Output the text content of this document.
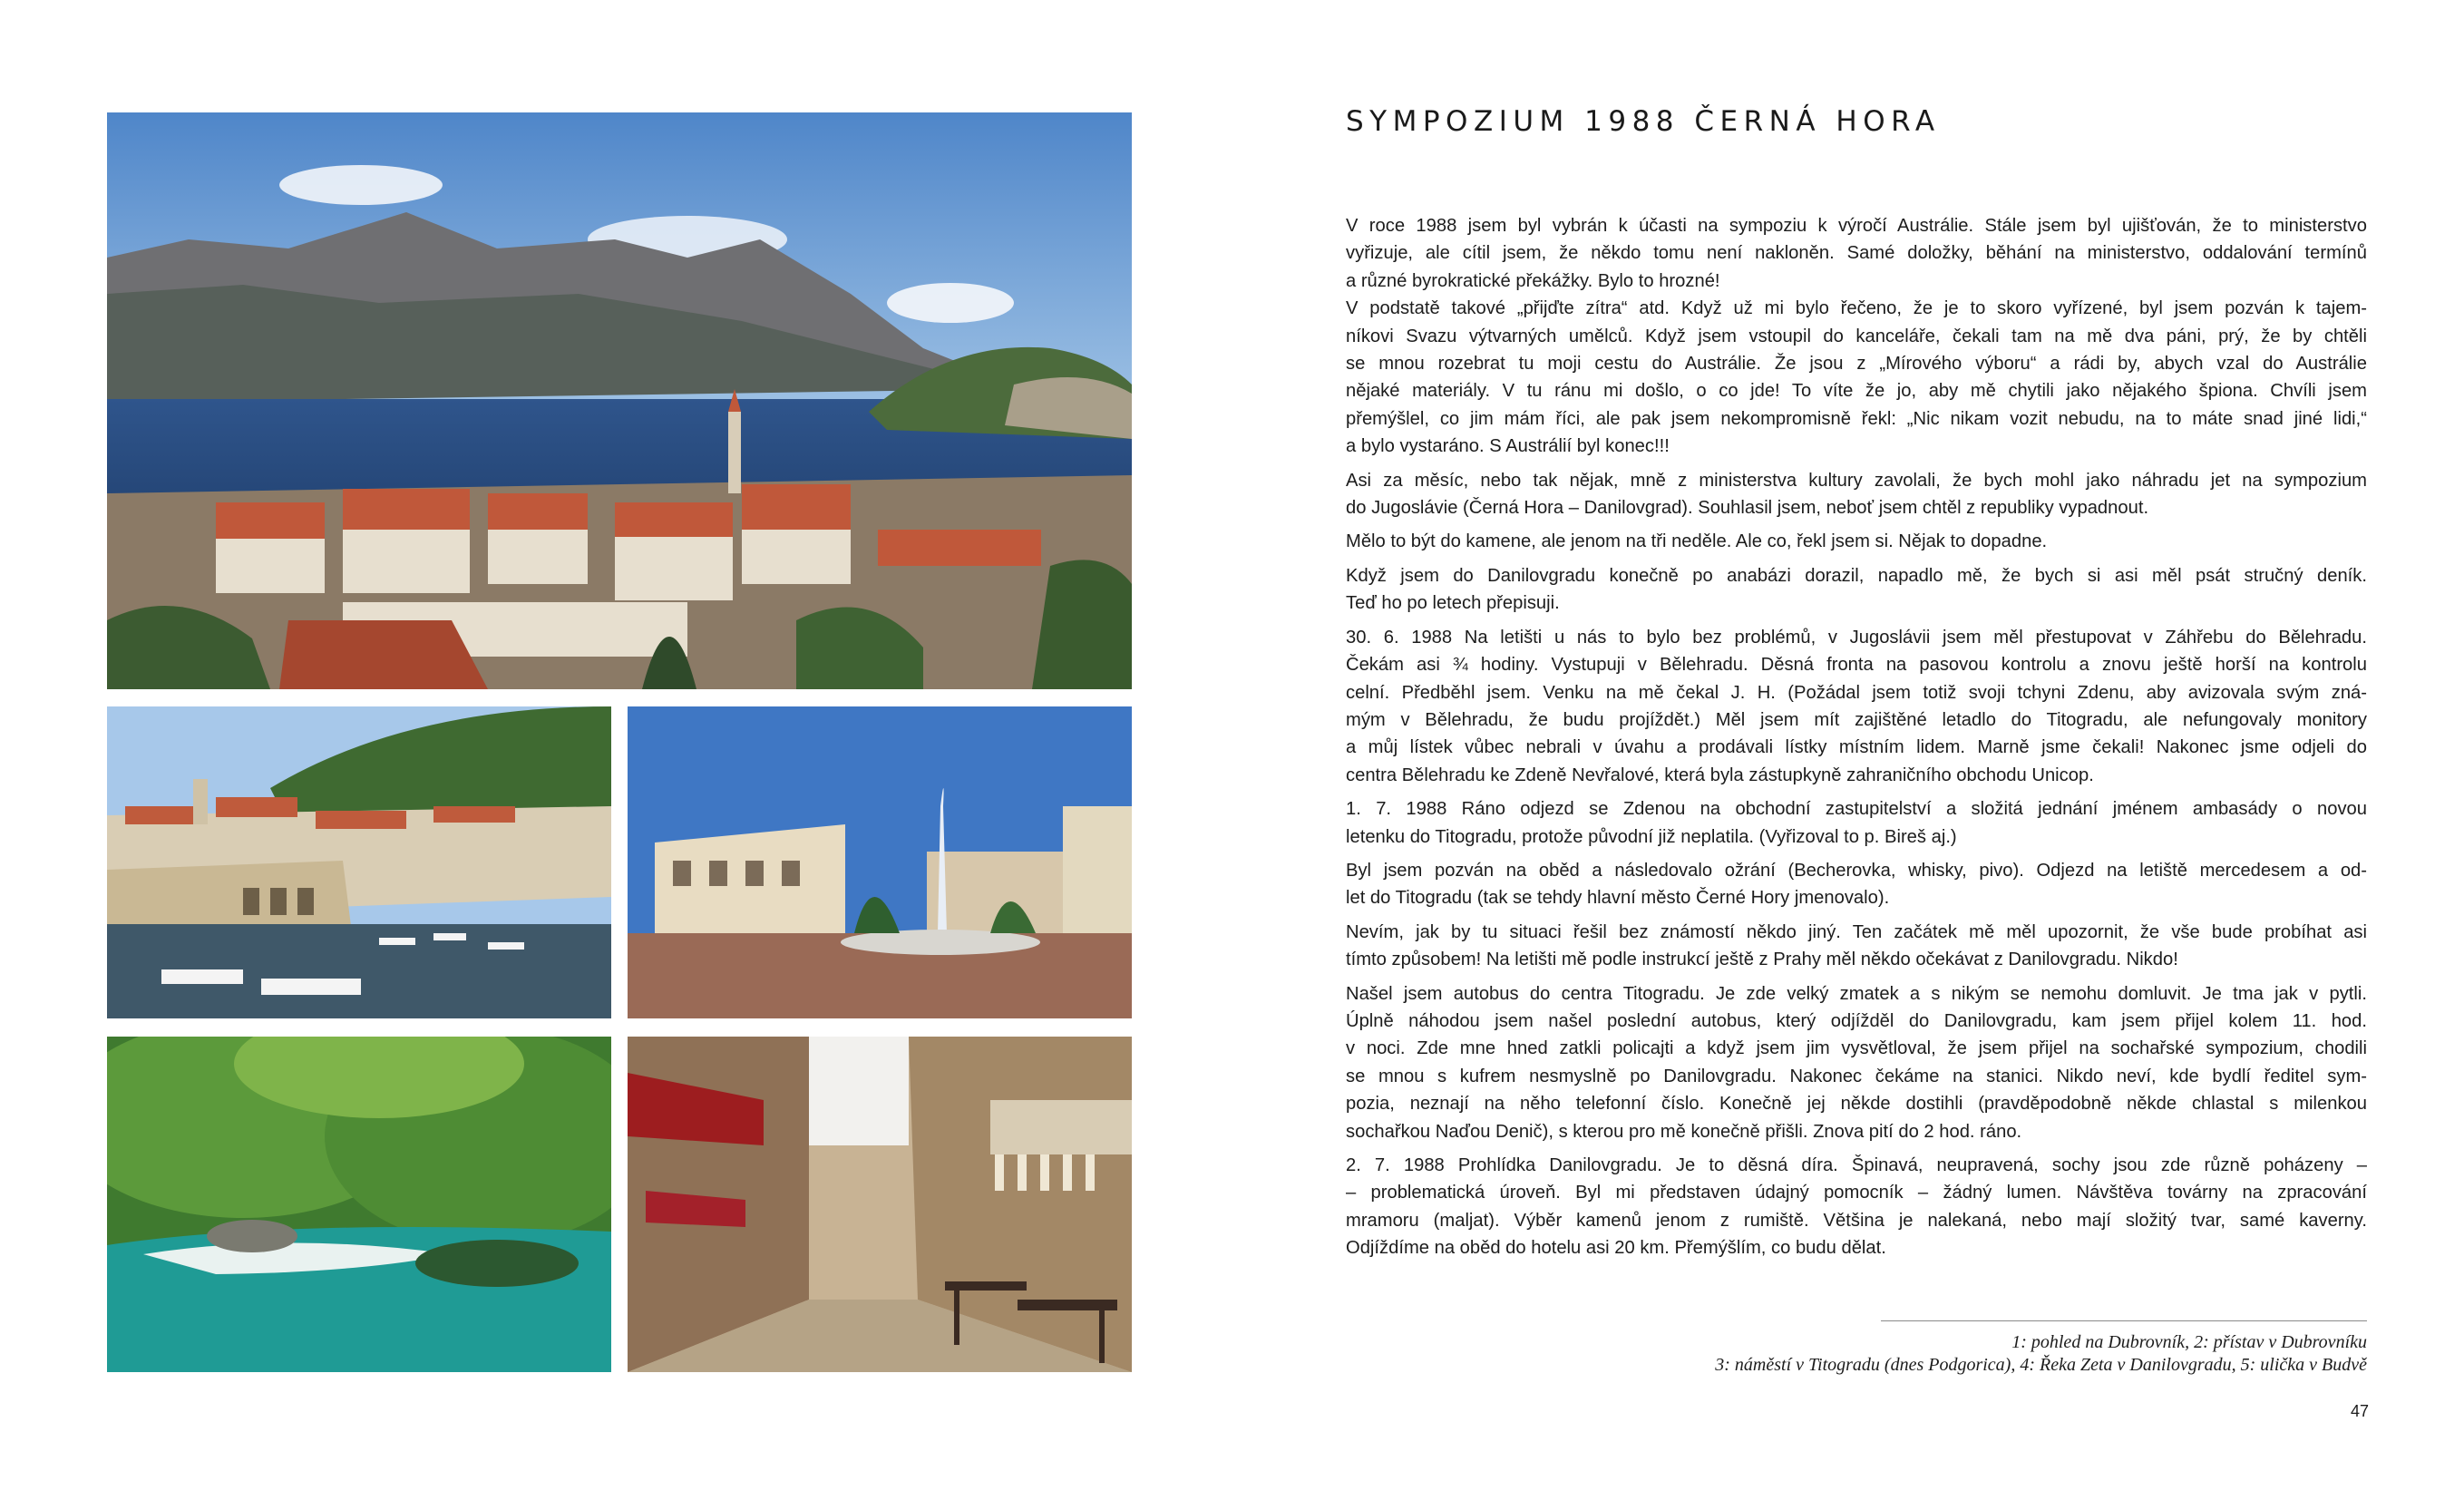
SYMPOZIUM 1988 ČERNÁ HORA
V roce 1988 jsem byl vybrán k účasti na sympoziu k výročí Austrálie. Stále jsem byl ujišťován, že to ministerstvo
vyřizuje, ale cítil jsem, že někdo tomu není nakloněn. Samé doložky, běhání na ministerstvo, oddalování termínů
a různé byrokratické překážky. Bylo to hrozné!
V podstatě takové „přijďte zítra“ atd. Když už mi bylo řečeno, že je to skoro vyřízené, byl jsem pozván k tajem-
níkovi Svazu výtvarných umělců. Když jsem vstoupil do kanceláře, čekali tam na mě dva páni, prý, že by chtěli
se mnou rozebrat tu moji cestu do Austrálie. Že jsou z „Mírového výboru“ a rádi by, abych vzal do Austrálie
nějaké materiály. V tu ránu mi došlo, o co jde! To víte že jo, aby mě chytili jako nějakého špiona. Chvíli jsem
přemýšlel, co jim mám říci, ale pak jsem nekompromisně řekl: „Nic nikam vozit nebudu, na to máte snad jiné lidi,“
a bylo vystaráno. S Austrálií byl konec!!!
Asi za měsíc, nebo tak nějak, mně z ministerstva kultury zavolali, že bych mohl jako náhradu jet na sympozium
do Jugoslávie (Černá Hora – Danilovgrad). Souhlasil jsem, neboť jsem chtěl z republiky vypadnout.
Mělo to být do kamene, ale jenom na tři neděle. Ale co, řekl jsem si. Nějak to dopadne.
Když jsem do Danilovgradu konečně po anabázi dorazil, napadlo mě, že bych si asi měl psát stručný deník.
Teď ho po letech přepisuji.
30. 6. 1988 Na letišti u nás to bylo bez problémů, v Jugoslávii jsem měl přestupovat v Záhřebu do Bělehradu.
Čekám asi ¾ hodiny. Vystupuji v Bělehradu. Děsná fronta na pasovou kontrolu a znovu ještě horší na kontrolu
celní. Předběhl jsem. Venku na mě čekal J. H. (Požádal jsem totiž svoji tchyni Zdenu, aby avizovala svým zná-
mým v Bělehradu, že budu projíždět.) Měl jsem mít zajištěné letadlo do Titogradu, ale nefungovaly monitory
a můj lístek vůbec nebrali v úvahu a prodávali lístky místním lidem. Marně jsme čekali! Nakonec jsme odjeli do
centra Bělehradu ke Zdeně Nevřalové, která byla zástupkyně zahraničního obchodu Unicop.
1. 7. 1988 Ráno odjezd se Zdenou na obchodní zastupitelství a složitá jednání jménem ambasády o novou
letenku do Titogradu, protože původní již neplatila. (Vyřizoval to p. Bireš aj.)
Byl jsem pozván na oběd a následovalo ožrání (Becherovka, whisky, pivo). Odjezd na letiště mercedesem a od-
let do Titogradu (tak se tehdy hlavní město Černé Hory jmenovalo).
Nevím, jak by tu situaci řešil bez známostí někdo jiný. Ten začátek mě měl upozornit, že vše bude probíhat asi
tímto způsobem! Na letišti mě podle instrukcí ještě z Prahy měl někdo očekávat z Danilovgradu. Nikdo!
Našel jsem autobus do centra Titogradu. Je zde velký zmatek a s nikým se nemohu domluvit. Je tma jak v pytli.
Úplně náhodou jsem našel poslední autobus, který odjížděl do Danilovgradu, kam jsem přijel kolem 11. hod.
v noci. Zde mne hned zatkli policajti a když jsem jim vysvětloval, že jsem přijel na sochařské sympozium, chodili
se mnou s kufrem nesmyslně po Danilovgradu. Nakonec čekáme na stanici. Nikdo neví, kde bydlí ředitel sym-
pozia, neznají na něho telefonní číslo. Konečně jej někde dostihli (pravděpodobně někde chlastal s milenkou
sochařkou Naďou Denič), s kterou pro mě konečně přišli. Znova pití do 2 hod. ráno.
2. 7. 1988 Prohlídka Danilovgradu. Je to děsná díra. Špinavá, neupravená, sochy jsou zde různě poházeny –
– problematická úroveň. Byl mi představen údajný pomocník – žádný lumen. Návštěva továrny na zpracování
mramoru (maljat). Výběr kamenů jenom z rumiště. Většina je nalekaná, nebo mají složitý tvar, samé kaverny.
Odjíždíme na oběd do hotelu asi 20 km. Přemýšlím, co budu dělat.
1: pohled na Dubrovník, 2: přístav v Dubrovníku
3: náměstí v Titogradu (dnes Podgorica), 4: Řeka Zeta v Danilovgradu, 5: ulička v Budvě
47
